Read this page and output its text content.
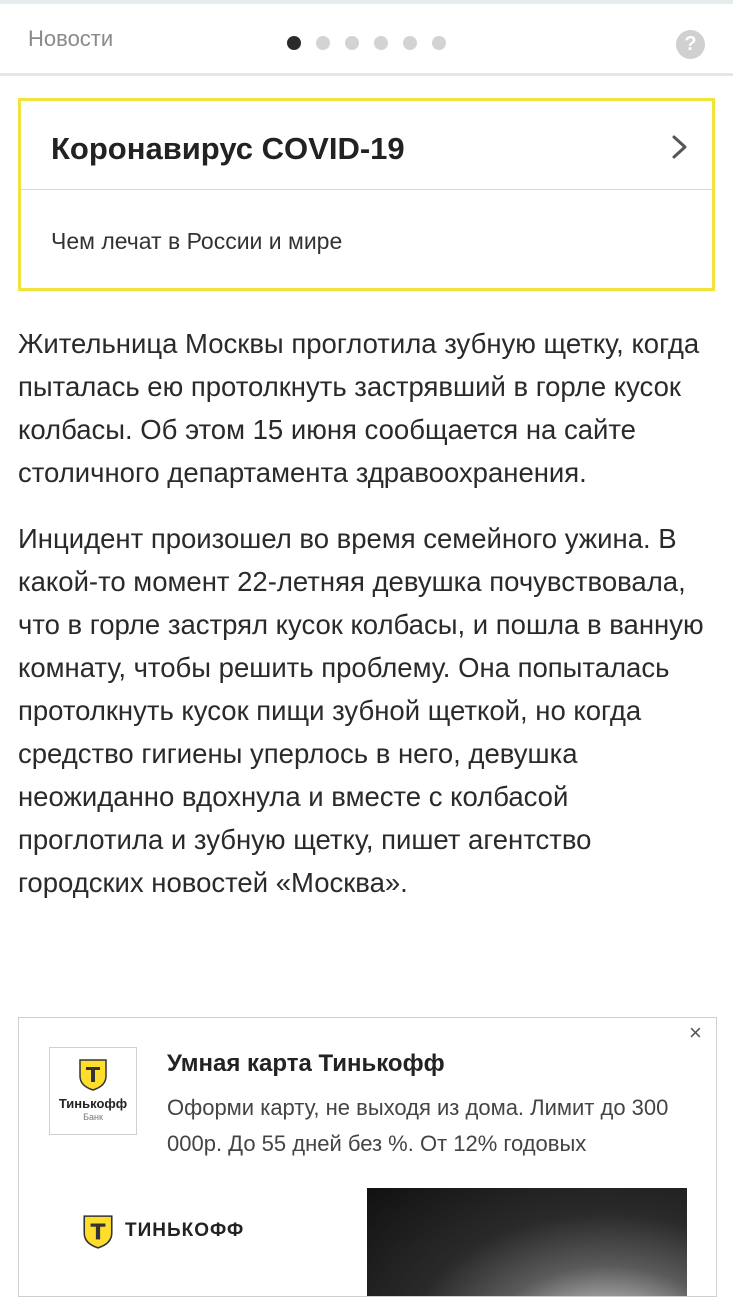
Новости	?
Коронавирус COVID-19
Чем лечат в России и мире

Жительница Москвы проглотила зубную щетку, когда пыталась ею протолкнуть застрявший в горле кусок колбасы. Об этом 15 июня сообщается на сайте столичного департамента здравоохранения.

Инцидент произошел во время семейного ужина. В какой-то момент 22-летняя девушка почувствовала, что в горле застрял кусок колбасы, и пошла в ванную комнату, чтобы решить проблему. Она попыталась протолкнуть кусок пищи зубной щеткой, но когда средство гигиены уперлось в него, девушка неожиданно вдохнула и вместе с колбасой проглотила и зубную щетку, пишет агентство городских новостей «Москва».

×
Тинькофф
Банк
Умная карта Тинькофф
Оформи карту, не выходя из дома. Лимит до 300 000р. До 55 дней без %. От 12% годовых
ТИНЬКОФФ
